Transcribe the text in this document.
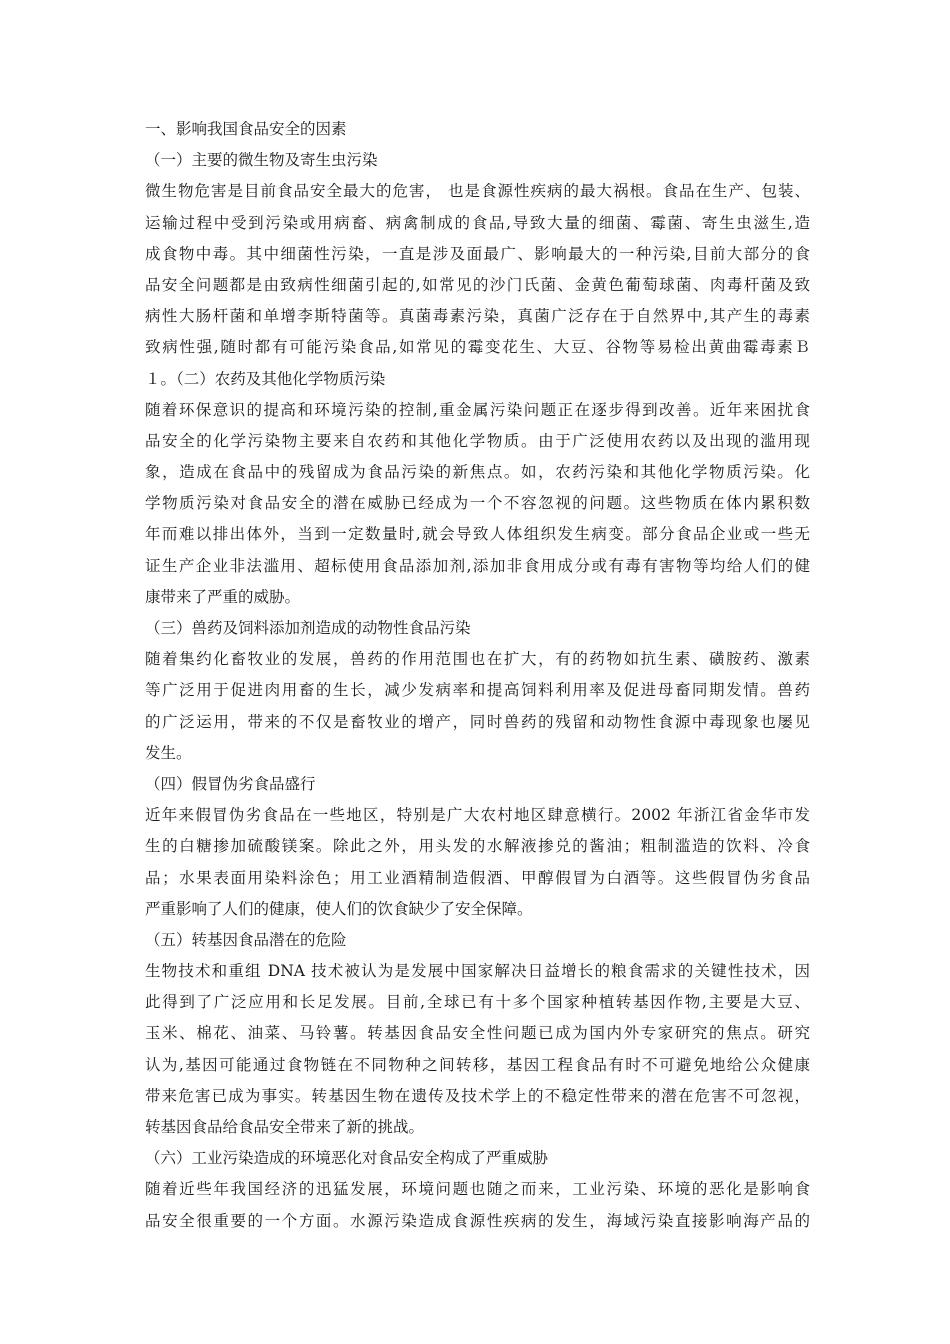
一、影响我国食品安全的因素
（一）主要的微生物及寄生虫污染
微生物危害是目前食品安全最大的危害， 也是食源性疾病的最大祸根。食品在生产、包装、
运输过程中受到污染或用病畜、病禽制成的食品,导致大量的细菌、霉菌、寄生虫滋生,造
成食物中毒。其中细菌性污染，一直是涉及面最广、影响最大的一种污染,目前大部分的食
品安全问题都是由致病性细菌引起的,如常见的沙门氏菌、金黄色葡萄球菌、肉毒杆菌及致
病性大肠杆菌和单增李斯特菌等。真菌毒素污染，真菌广泛存在于自然界中,其产生的毒素
致病性强,随时都有可能污染食品,如常见的霉变花生、大豆、谷物等易检出黄曲霉毒素Ｂ
１。（二）农药及其他化学物质污染
随着环保意识的提高和环境污染的控制,重金属污染问题正在逐步得到改善。近年来困扰食
品安全的化学污染物主要来自农药和其他化学物质。由于广泛使用农药以及出现的滥用现
象，造成在食品中的残留成为食品污染的新焦点。如，农药污染和其他化学物质污染。化
学物质污染对食品安全的潜在威胁已经成为一个不容忽视的问题。这些物质在体内累积数
年而难以排出体外，当到一定数量时,就会导致人体组织发生病变。部分食品企业或一些无
证生产企业非法滥用、超标使用食品添加剂,添加非食用成分或有毒有害物等均给人们的健
康带来了严重的威胁。
（三）兽药及饲料添加剂造成的动物性食品污染
随着集约化畜牧业的发展，兽药的作用范围也在扩大，有的药物如抗生素、磺胺药、激素
等广泛用于促进肉用畜的生长，减少发病率和提高饲料利用率及促进母畜同期发情。兽药
的广泛运用，带来的不仅是畜牧业的增产，同时兽药的残留和动物性食源中毒现象也屡见
发生。
（四）假冒伪劣食品盛行
近年来假冒伪劣食品在一些地区，特别是广大农村地区肆意横行。2002 年浙江省金华市发
生的白糖掺加硫酸镁案。除此之外，用头发的水解液掺兑的酱油；粗制滥造的饮料、冷食
品；水果表面用染料涂色；用工业酒精制造假酒、甲醇假冒为白酒等。这些假冒伪劣食品
严重影响了人们的健康，使人们的饮食缺少了安全保障。
（五）转基因食品潜在的危险
生物技术和重组 DNA 技术被认为是发展中国家解决日益增长的粮食需求的关键性技术，因
此得到了广泛应用和长足发展。目前,全球已有十多个国家种植转基因作物,主要是大豆、
玉米、棉花、油菜、马铃薯。转基因食品安全性问题已成为国内外专家研究的焦点。研究
认为,基因可能通过食物链在不同物种之间转移，基因工程食品有时不可避免地给公众健康
带来危害已成为事实。转基因生物在遗传及技术学上的不稳定性带来的潜在危害不可忽视，
转基因食品给食品安全带来了新的挑战。
（六）工业污染造成的环境恶化对食品安全构成了严重威胁
随着近些年我国经济的迅猛发展，环境问题也随之而来，工业污染、环境的恶化是影响食
品安全很重要的一个方面。水源污染造成食源性疾病的发生，海域污染直接影响海产品的
